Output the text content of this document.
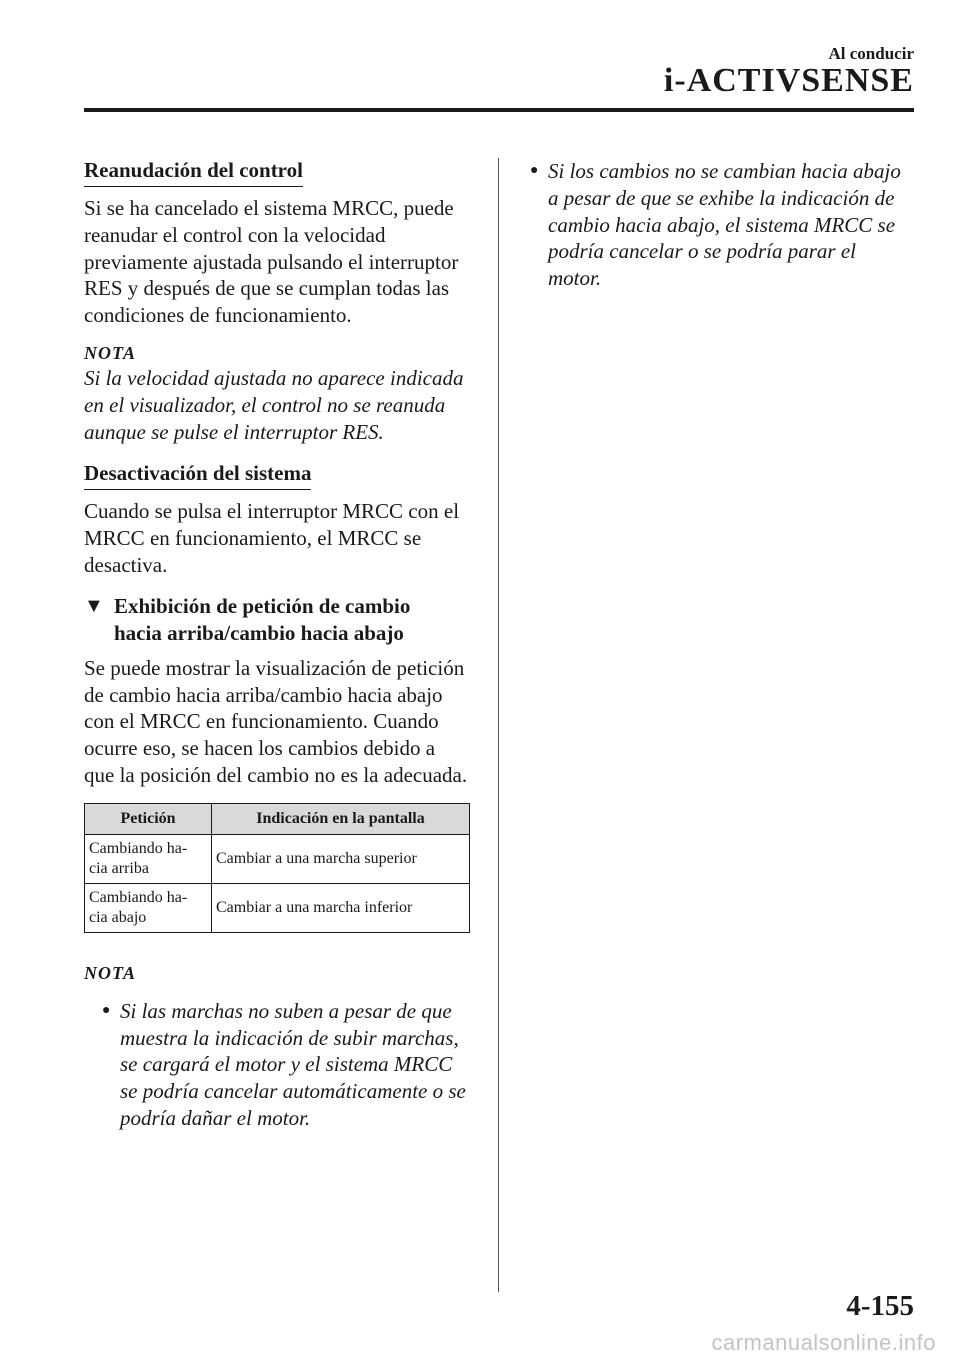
Al conducir
i-ACTIVSENSE
Reanudación del control

Si se ha cancelado el sistema MRCC, puede reanudar el control con la velocidad previamente ajustada pulsando el interruptor RES y después de que se cumplan todas las condiciones de funcionamiento.

NOTA

Si la velocidad ajustada no aparece indicada en el visualizador, el control no se reanuda aunque se pulse el interruptor RES.

Desactivación del sistema

Cuando se pulsa el interruptor MRCC con el MRCC en funcionamiento, el MRCC se desactiva.

▼ Exhibición de petición de cambio
hacia arriba/cambio hacia abajo

Se puede mostrar la visualización de petición de cambio hacia arriba/cambio hacia abajo con el MRCC en funcionamiento. Cuando ocurre eso, se hacen los cambios debido a que la posición del cambio no es la adecuada.

Petición	Indicación en la pantalla
Cambiando ha-
cia arriba	Cambiar a una marcha superior
Cambiando ha-
cia abajo	Cambiar a una marcha inferior
NOTA
● Si las marchas no suben a pesar de que muestra la indicación de subir marchas, se cargará el motor y el sistema MRCC se podría cancelar automáticamente o se podría dañar el motor.
● Si los cambios no se cambian hacia abajo a pesar de que se exhibe la indicación de cambio hacia abajo, el sistema MRCC se podría cancelar o se podría parar el motor.
4-155
carmanualsonline.info
